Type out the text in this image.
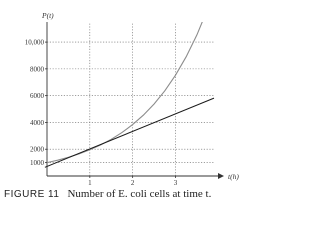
1000
2000
4000
6000
8000
10,000
1	2	3
P(t)
t(h)
FIGURE 11 Number of E. coli cells at time t.
